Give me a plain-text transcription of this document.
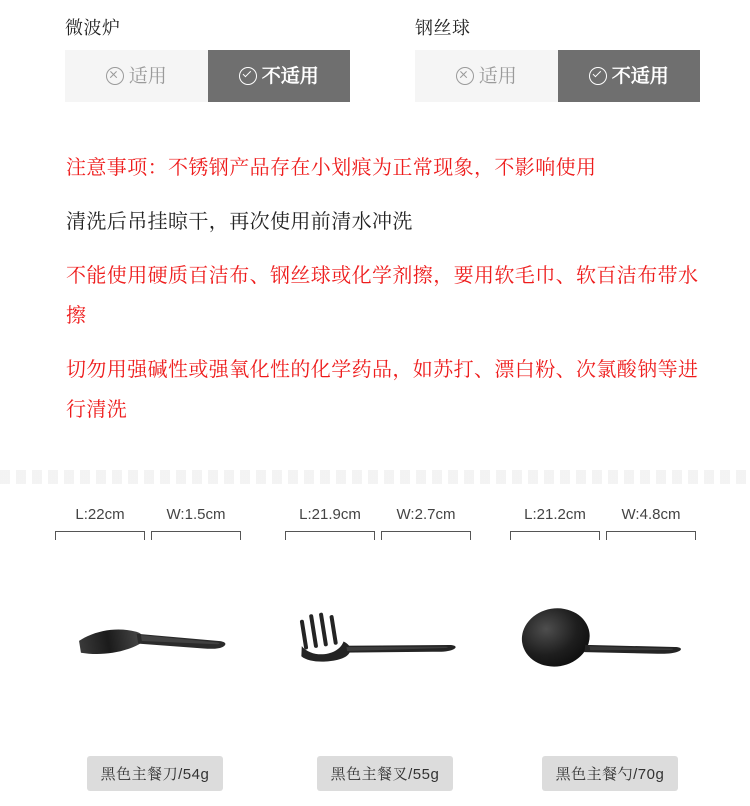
微波炉
适用	不适用
钢丝球
适用	不适用
注意事项：不锈钢产品存在小划痕为正常现象，不影响使用
清洗后吊挂晾干，再次使用前清水冲洗
不能使用硬质百洁布、钢丝球或化学剂擦，要用软毛巾、软百洁布带水擦
切勿用强碱性或强氧化性的化学药品，如苏打、漂白粉、次氯酸钠等进行清洗
L:22cm	W:1.5cm
黑色主餐刀/54g
L:21.9cm	W:2.7cm
黑色主餐叉/55g
L:21.2cm	W:4.8cm
黑色主餐勺/70g
